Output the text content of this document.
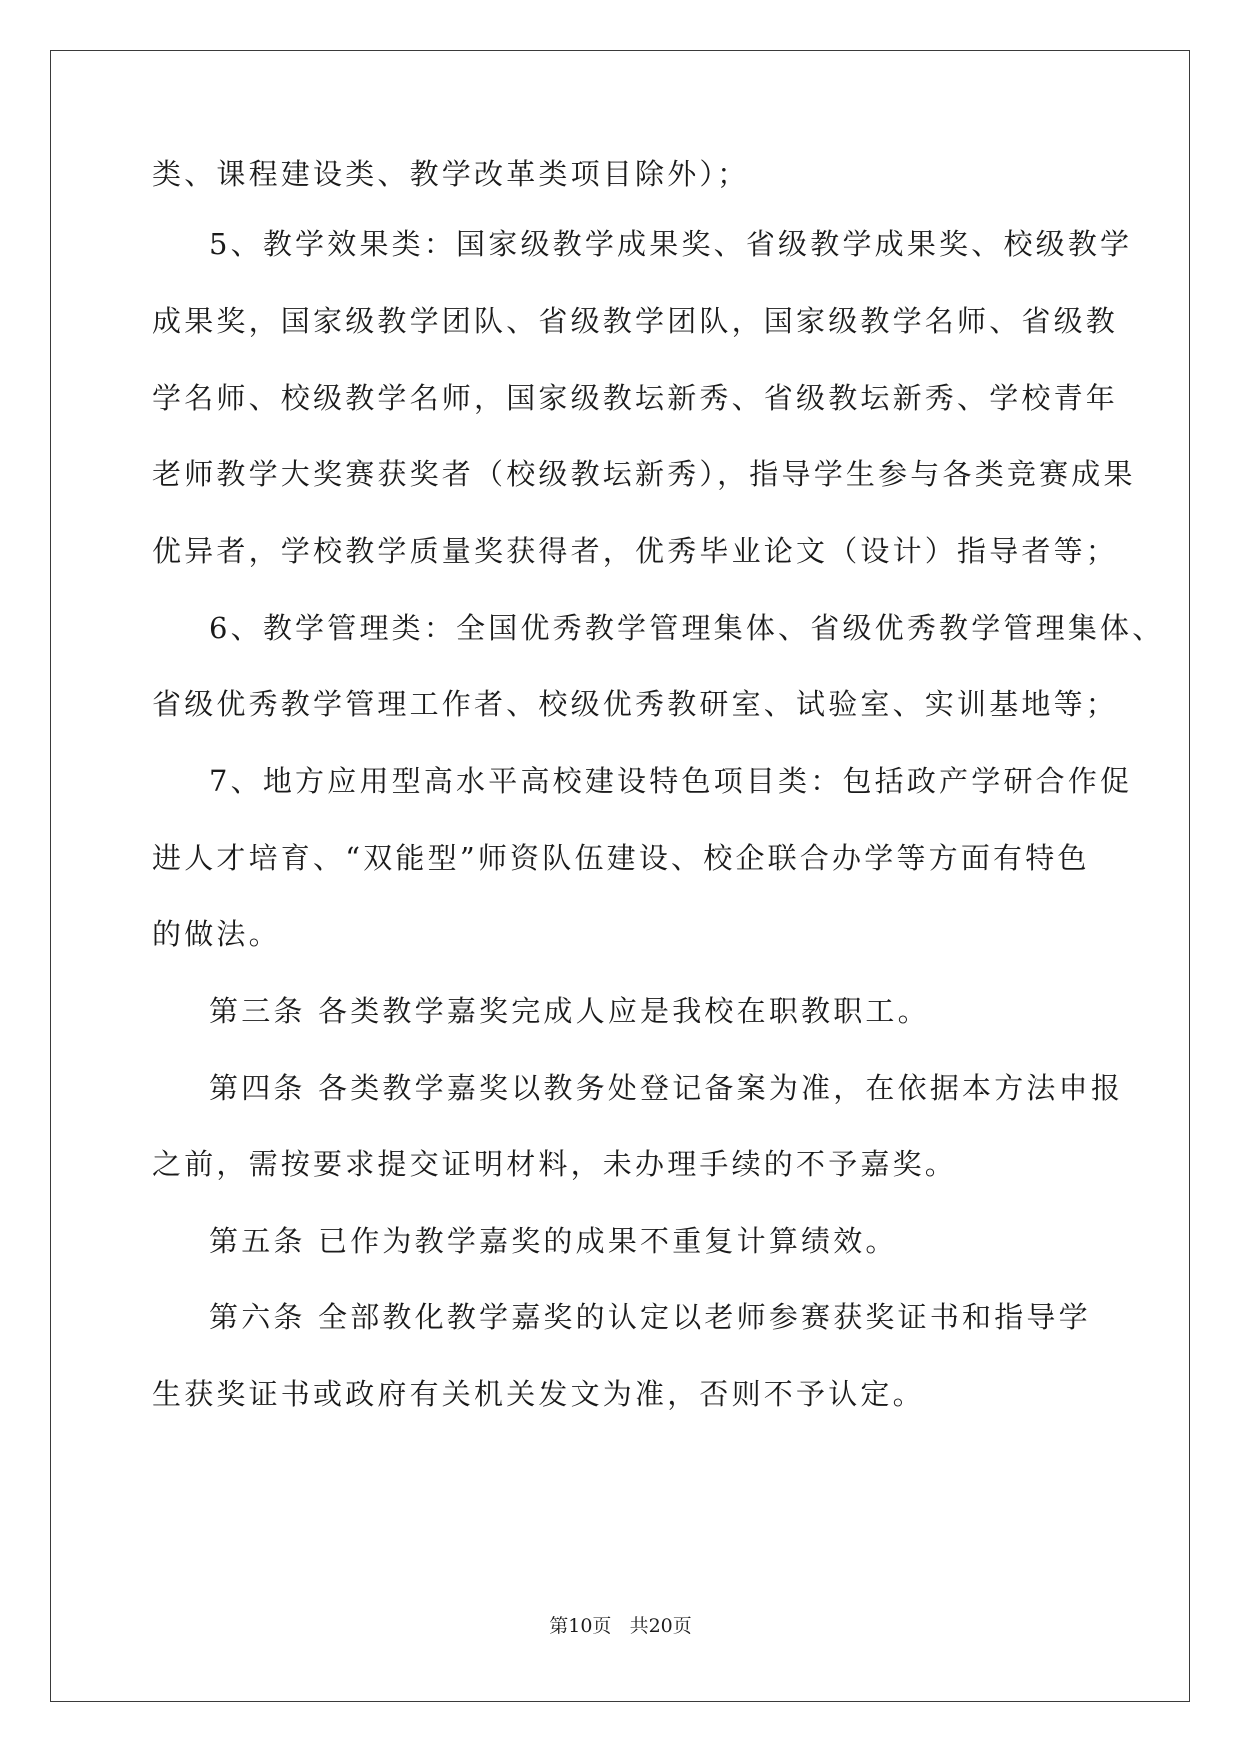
类、课程建设类、教学改革类项目除外）；

5、教学效果类：国家级教学成果奖、省级教学成果奖、校级教学

成果奖，国家级教学团队、省级教学团队，国家级教学名师、省级教

学名师、校级教学名师，国家级教坛新秀、省级教坛新秀、学校青年

老师教学大奖赛获奖者（校级教坛新秀），指导学生参与各类竞赛成果

优异者，学校教学质量奖获得者，优秀毕业论文（设计）指导者等；

6、教学管理类：全国优秀教学管理集体、省级优秀教学管理集体、

省级优秀教学管理工作者、校级优秀教研室、试验室、实训基地等；

7、地方应用型高水平高校建设特色项目类：包括政产学研合作促

进人才培育、“双能型”师资队伍建设、校企联合办学等方面有特色

的做法。

第三条 各类教学嘉奖完成人应是我校在职教职工。

第四条 各类教学嘉奖以教务处登记备案为准，在依据本方法申报

之前，需按要求提交证明材料，未办理手续的不予嘉奖。

第五条 已作为教学嘉奖的成果不重复计算绩效。

第六条 全部教化教学嘉奖的认定以老师参赛获奖证书和指导学

生获奖证书或政府有关机关发文为准，否则不予认定。

第10页 共20页
